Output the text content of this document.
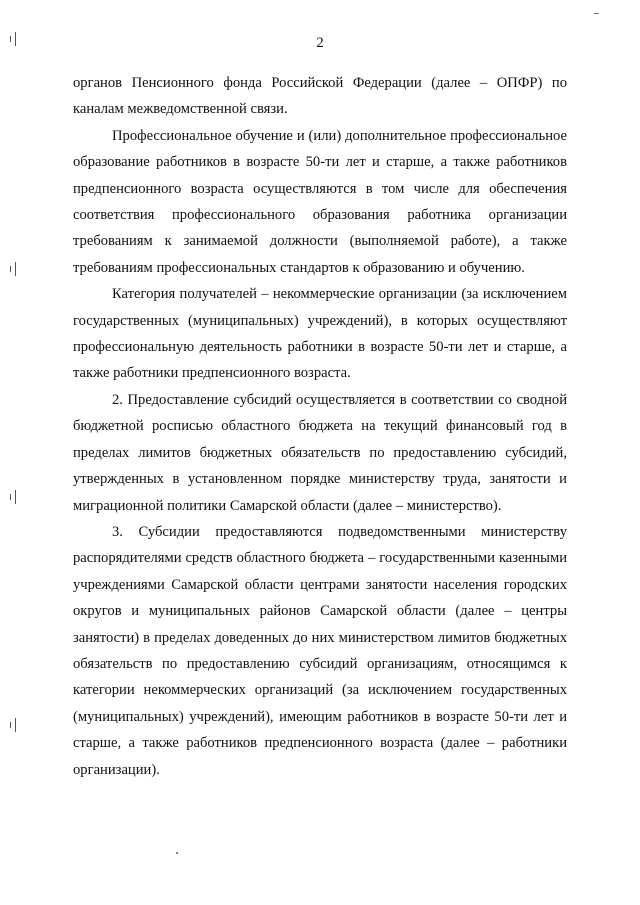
2

органов Пенсионного фонда Российской Федерации (далее – ОПФР) по каналам межведомственной связи.

Профессиональное обучение и (или) дополнительное профессиональное образование работников в возрасте 50-ти лет и старше, а также работников предпенсионного возраста осуществляются в том числе для обеспечения соответствия профессионального образования работника организации требованиям к занимаемой должности (выполняемой работе), а также требованиям профессиональных стандартов к образованию и обучению.

Категория получателей – некоммерческие организации (за исключением государственных (муниципальных) учреждений), в которых осуществляют профессиональную деятельность работники в возрасте 50-ти лет и старше, а также работники предпенсионного возраста.

2. Предоставление субсидий осуществляется в соответствии со сводной бюджетной росписью областного бюджета на текущий финансовый год в пределах лимитов бюджетных обязательств по предоставлению субсидий, утвержденных в установленном порядке министерству труда, занятости и миграционной политики Самарской области (далее – министерство).

3. Субсидии предоставляются подведомственными министерству распорядителями средств областного бюджета – государственными казенными учреждениями Самарской области центрами занятости населения городских округов и муниципальных районов Самарской области (далее – центры занятости) в пределах доведенных до них министерством лимитов бюджетных обязательств по предоставлению субсидий организациям, относящимся к категории некоммерческих организаций (за исключением государственных (муниципальных) учреждений), имеющим работников в возрасте 50-ти лет и старше, а также работников предпенсионного возраста (далее – работники организации).
